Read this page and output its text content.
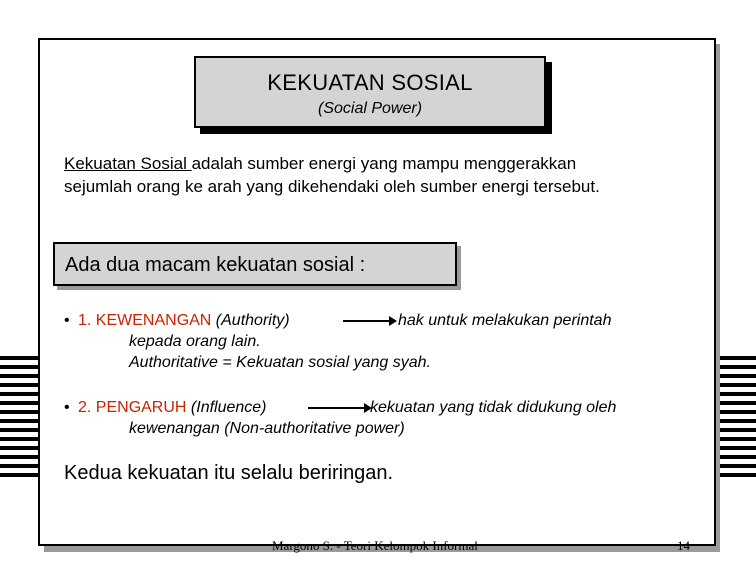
KEKUATAN SOSIAL
(Social Power)
Kekuatan Sosial adalah sumber energi yang mampu menggerakkan
sejumlah orang ke arah yang dikehendaki oleh sumber energi tersebut.
Ada dua macam kekuatan sosial :
• 1. KEWENANGAN (Authority)	hak untuk melakukan perintah
kepada orang lain.
Authoritative = Kekuatan sosial yang syah.
• 2. PENGARUH (Influence)	kekuatan yang tidak didukung oleh
kewenangan (Non-authoritative power)
Kedua kekuatan itu selalu beriringan.
Margono S. - Teori Kelompok Informal	14
